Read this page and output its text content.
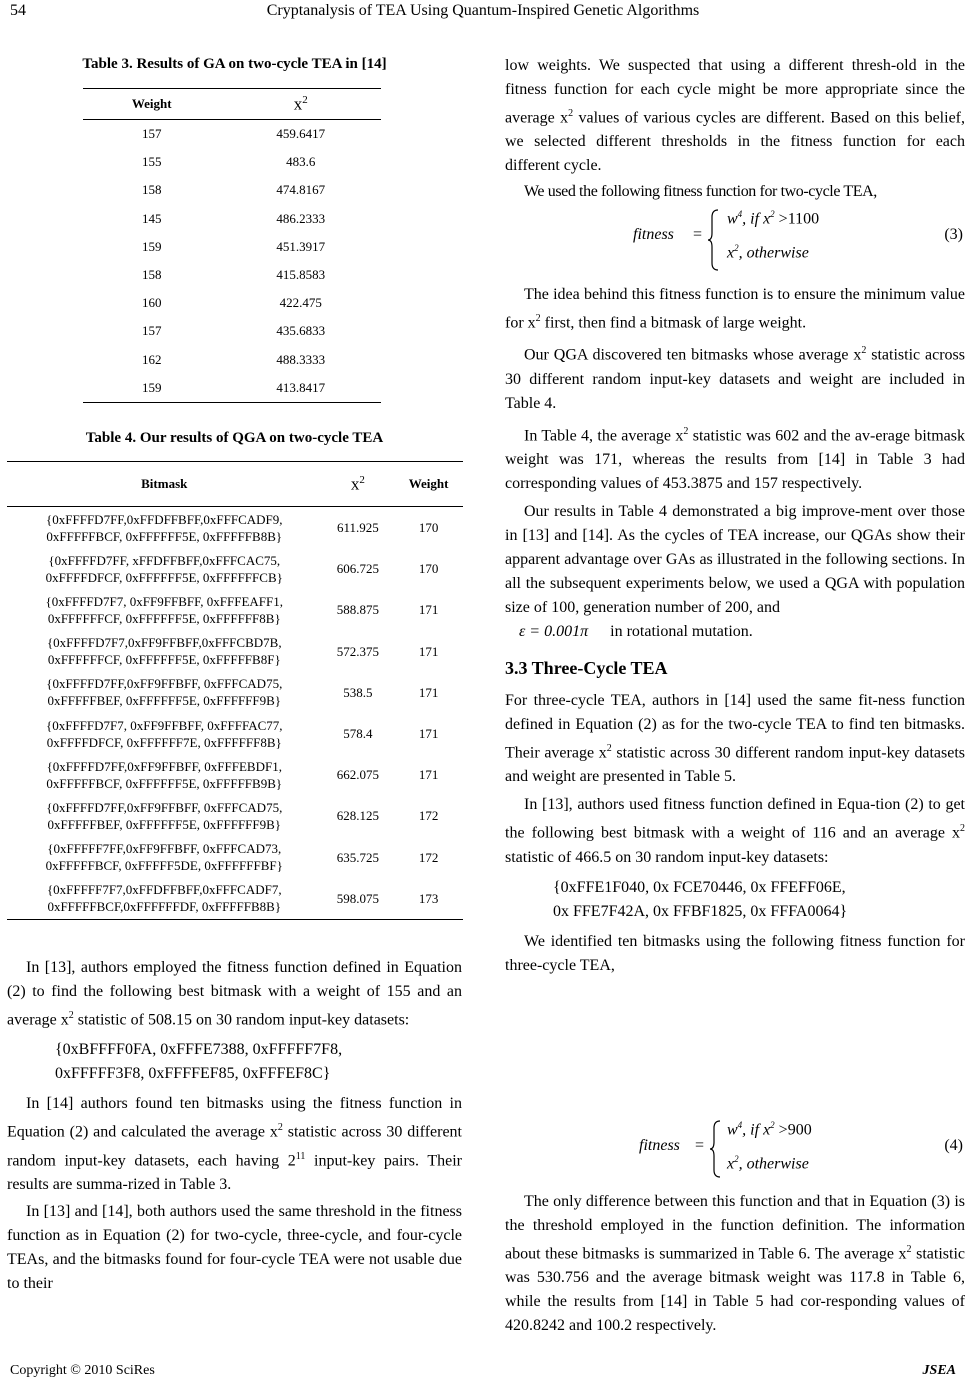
54	Cryptanalysis of TEA Using Quantum-Inspired Genetic Algorithms
Table 3. Results of GA on two-cycle TEA in [14]
Weight	$x^2$
157	459.6417
155	483.6
158	474.8167
145	486.2333
159	451.3917
158	415.8583
160	422.475
157	435.6833
162	488.3333
159	413.8417
Table 4. Our results of QGA on two-cycle TEA
Bitmask	$x^2$	Weight

{0xFFFFD7FF,0xFFDFFBFF,0xFFFCADF9,
0xFFFFFBCF, 0xFFFFFF5E, 0xFFFFFB8B}	611.925	170

{0xFFFFD7FF, xFFDFFBFF,0xFFFCAC75,
0xFFFFDFCF, 0xFFFFFF5E, 0xFFFFFFCB}	606.725	170

{0xFFFFD7F7, 0xFF9FFBFF, 0xFFFEAFF1,
0xFFFFFFCF, 0xFFFFFF5E, 0xFFFFFF8B}	588.875	171

{0xFFFFD7F7,0xFF9FFBFF,0xFFFCBD7B,
0xFFFFFFCF, 0xFFFFFF5E, 0xFFFFFB8F}	572.375	171

{0xFFFFD7FF,0xFF9FFBFF, 0xFFFCAD75,
0xFFFFFBEF, 0xFFFFFF5E, 0xFFFFFF9B}	538.5	171

{0xFFFFD7F7, 0xFF9FFBFF, 0xFFFFAC77,
0xFFFFDFCF, 0xFFFFFF7E, 0xFFFFFF8B}	578.4	171

{0xFFFFD7FF,0xFF9FFBFF, 0xFFFEBDF1,
0xFFFFFBCF, 0xFFFFFF5E, 0xFFFFFB9B}	662.075	171

{0xFFFFD7FF,0xFF9FFBFF, 0xFFFCAD75,
0xFFFFFBEF, 0xFFFFFF5E, 0xFFFFFF9B}	628.125	172

{0xFFFFF7FF,0xFF9FFBFF, 0xFFFCAD73,
0xFFFFFBCF, 0xFFFFF5DE, 0xFFFFFFBF}	635.725	172

{0xFFFFF7F7,0xFFDFFBFF,0xFFFCADF7,
0xFFFFFBCF,0xFFFFFFDF, 0xFFFFFB8B}	598.075	173

In [13], authors employed the fitness function defined in Equation (2) to find the following best bitmask with a weight of 155 and an average $x^2$ statistic of 508.15 on 30 random input-key datasets:

{0xBFFFF0FA, 0xFFFE7388, 0xFFFFF7F8,
0xFFFFF3F8, 0xFFFFEF85, 0xFFFEF8C}

In [14] authors found ten bitmasks using the fitness function in Equation (2) and calculated the average $x^2$ statistic across 30 different random input-key datasets, each having $2^{11}$ input-key pairs. Their results are summa-rized in Table 3.

In [13] and [14], both authors used the same threshold in the fitness function as in Equation (2) for two-cycle, three-cycle, and four-cycle TEAs, and the bitmasks found for four-cycle TEA were not usable due to their

low weights. We suspected that using a different thresh-old in the fitness function for each cycle might be more appropriate since the average $x^2$ values of various cycles are different. Based on this belief, we selected different thresholds in the fitness function for each different cycle.

We used the following fitness function for two-cycle TEA,

fitness =
$w^4$, if $x^2 >1100$
$x^2$, otherwise
(3)

The idea behind this fitness function is to ensure the minimum value for $x^2$ first, then find a bitmask of large weight.

Our QGA discovered ten bitmasks whose average $x^2$ statistic across 30 different random input-key datasets and weight are included in Table 4.

In Table 4, the average $x^2$ statistic was 602 and the av-erage bitmask weight was 171, whereas the results from [14] in Table 3 had corresponding values of 453.3875 and 157 respectively.

Our results in Table 4 demonstrated a big improve-ment over those in [13] and [14]. As the cycles of TEA increase, our QGAs show their apparent advantage over GAs as illustrated in the following sections. In all the subsequent experiments below, we used a QGA with population size of 100, generation number of 200, and
ε = 0.001π in rotational mutation.

3.3 Three-Cycle TEA

For three-cycle TEA, authors in [14] used the same fit-ness function defined in Equation (2) as for the two-cycle TEA to find ten bitmasks. Their average $x^2$ statistic across 30 different random input-key datasets and weight are presented in Table 5.

In [13], authors used fitness function defined in Equa-tion (2) to get the following best bitmask with a weight of 116 and an average $x^2$ statistic of 466.5 on 30 random input-key datasets:

{0xFFE1F040, 0x FCE70446, 0x FFEFF06E,
0x FFE7F42A, 0x FFBF1825, 0x FFFA0064}

We identified ten bitmasks using the following fitness function for three-cycle TEA,

fitness =
$w^4$, if $x^2 >900$
$x^2$, otherwise
(4)

The only difference between this function and that in Equation (3) is the threshold employed in the function definition. The information about these bitmasks is summarized in Table 6. The average $x^2$ statistic was 530.756 and the average bitmask weight was 117.8 in Table 6, while the results from [14] in Table 5 had cor-responding values of 420.8242 and 100.2 respectively.

Copyright © 2010 SciRes	JSEA
